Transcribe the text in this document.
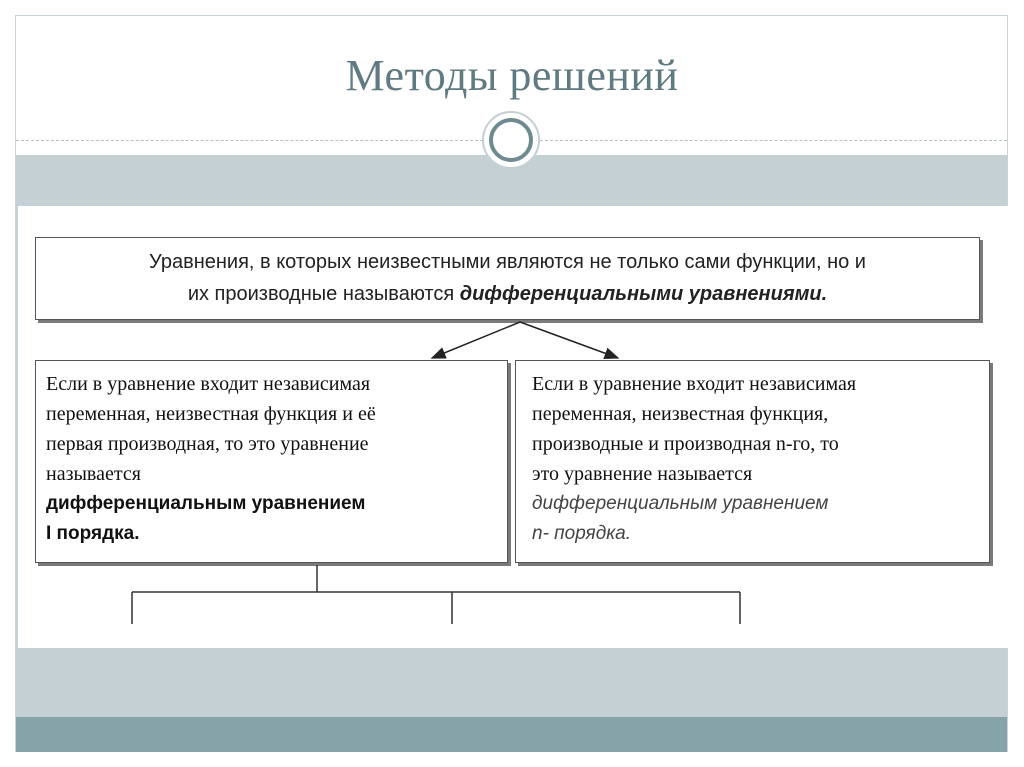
Методы решений
Уравнения, в которых неизвестными являются не только сами функции, но и
их производные называются дифференциальными уравнениями.
Если в уравнение входит независимая
переменная, неизвестная функция и её
первая производная, то это уравнение
называется
дифференциальным уравнением
I порядка.
Если в уравнение входит независимая
переменная, неизвестная функция,
производные и производная n-го, то
это уравнение называется
дифференциальным уравнением
n- порядка.
